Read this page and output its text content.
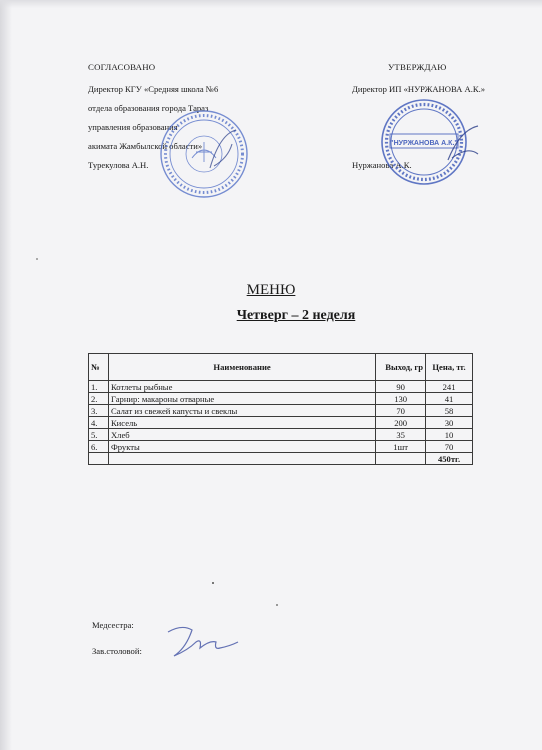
СОГЛАСОВАНО
Директор КГУ «Средняя школа №6
отдела образования города Тараз
управления образования
акимата Жамбылской области»
Турекулова А.Н.
УТВЕРЖДАЮ
Директор ИП «НУРЖАНОВА А.К.»
Нуржанова А.К.
"НУРЖАНОВА А.К."
МЕНЮ
Четверг – 2 неделя
№	Наименование	Выход, гр	Цена, тг.
1.	Котлеты рыбные	90	241
2.	Гарнир: макароны отварные	130	41
3.	Салат из свежей капусты и свеклы	70	58
4.	Кисель	200	30
5.	Хлеб	35	10
6.	Фрукты	1шт	70
			450тг.
Медсестра:
Зав.столовой:
